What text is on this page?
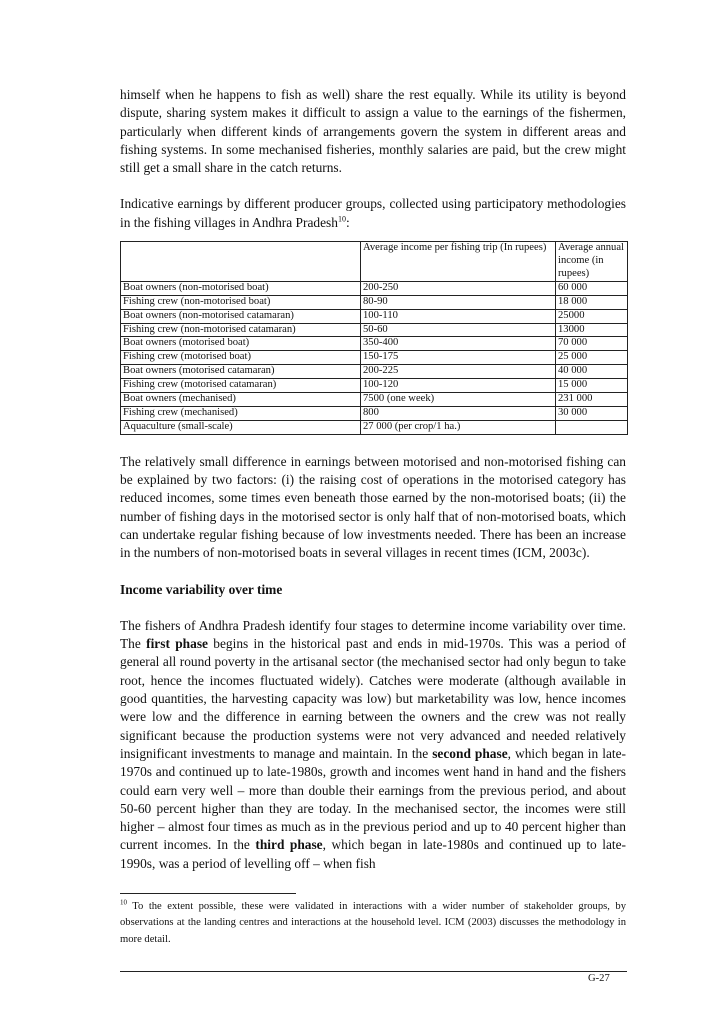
himself when he happens to fish as well) share the rest equally. While its utility is beyond dispute, sharing system makes it difficult to assign a value to the earnings of the fishermen, particularly when different kinds of arrangements govern the system in different areas and fishing systems. In some mechanised fisheries, monthly salaries are paid, but the crew might still get a small share in the catch returns.

Indicative earnings by different producer groups, collected using participatory methodologies in the fishing villages in Andhra Pradesh$^{10}$:

	Average income per fishing trip (In rupees)	Average annual income (in rupees)
Boat owners (non-motorised boat)	200-250	60 000
Fishing crew (non-motorised boat)	80-90	18 000
Boat owners (non-motorised catamaran)	100-110	25000
Fishing crew (non-motorised catamaran)	50-60	13000
Boat owners (motorised boat)	350-400	70 000
Fishing crew (motorised boat)	150-175	25 000
Boat owners (motorised catamaran)	200-225	40 000
Fishing crew (motorised catamaran)	100-120	15 000
Boat owners (mechanised)	7500 (one week)	231 000
Fishing crew (mechanised)	800	30 000
Aquaculture (small-scale)	27 000 (per crop/1 ha.)	

The relatively small difference in earnings between motorised and non-motorised fishing can be explained by two factors: (i) the raising cost of operations in the motorised category has reduced incomes, some times even beneath those earned by the non-motorised boats; (ii) the number of fishing days in the motorised sector is only half that of non-motorised boats, which can undertake regular fishing because of low investments needed. There has been an increase in the numbers of non-motorised boats in several villages in recent times (ICM, 2003c).

Income variability over time

The fishers of Andhra Pradesh identify four stages to determine income variability over time. The first phase begins in the historical past and ends in mid-1970s. This was a period of general all round poverty in the artisanal sector (the mechanised sector had only begun to take root, hence the incomes fluctuated widely). Catches were moderate (although available in good quantities, the harvesting capacity was low) but marketability was low, hence incomes were low and the difference in earning between the owners and the crew was not really significant because the production systems were not very advanced and needed relatively insignificant investments to manage and maintain. In the second phase, which began in late-1970s and continued up to late-1980s, growth and incomes went hand in hand and the fishers could earn very well – more than double their earnings from the previous period, and about 50-60 percent higher than they are today. In the mechanised sector, the incomes were still higher – almost four times as much as in the previous period and up to 40 percent higher than current incomes. In the third phase, which began in late-1980s and continued up to late-1990s, was a period of levelling off – when fish

$^{10}$ To the extent possible, these were validated in interactions with a wider number of stakeholder groups, by observations at the landing centres and interactions at the household level. ICM (2003) discusses the methodology in more detail.

G-27
